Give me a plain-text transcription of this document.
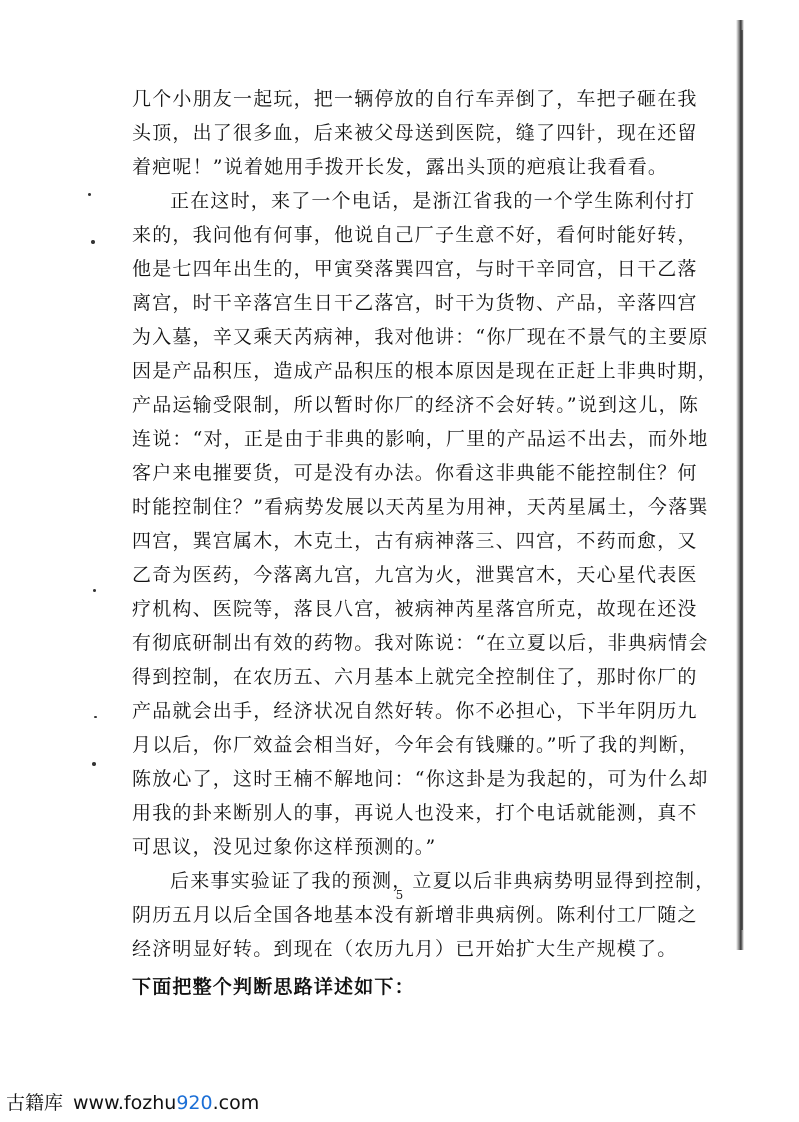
几个小朋友一起玩，把一辆停放的自行车弄倒了，车把子砸在我
头顶，出了很多血，后来被父母送到医院，缝了四针，现在还留
着疤呢！”说着她用手拨开长发，露出头顶的疤痕让我看看。
正在这时，来了一个电话，是浙江省我的一个学生陈利付打
来的，我问他有何事，他说自己厂子生意不好，看何时能好转，
他是七四年出生的，甲寅癸落巽四宫，与时干辛同宫，日干乙落
离宫，时干辛落宫生日干乙落宫，时干为货物、产品，辛落四宫
为入墓，辛又乘天芮病神，我对他讲：“你厂现在不景气的主要原
因是产品积压，造成产品积压的根本原因是现在正赶上非典时期，
产品运输受限制，所以暂时你厂的经济不会好转。”说到这儿，陈
连说：“对，正是由于非典的影响，厂里的产品运不出去，而外地
客户来电摧要货，可是没有办法。你看这非典能不能控制住？何
时能控制住？”看病势发展以天芮星为用神，天芮星属土，今落巽
四宫，巽宫属木，木克土，古有病神落三、四宫，不药而愈，又
乙奇为医药，今落离九宫，九宫为火，泄巽宫木，天心星代表医
疗机构、医院等，落艮八宫，被病神芮星落宫所克，故现在还没
有彻底研制出有效的药物。我对陈说：“在立夏以后，非典病情会
得到控制，在农历五、六月基本上就完全控制住了，那时你厂的
产品就会出手，经济状况自然好转。你不必担心，下半年阴历九
月以后，你厂效益会相当好，今年会有钱赚的。”听了我的判断，
陈放心了，这时王楠不解地问：“你这卦是为我起的，可为什么却
用我的卦来断别人的事，再说人也没来，打个电话就能测，真不
可思议，没见过象你这样预测的。”
后来事实验证了我的预测，立夏以后非典病势明显得到控制，
阴历五月以后全国各地基本没有新增非典病例。陈利付工厂随之
经济明显好转。到现在（农历九月）已开始扩大生产规模了。
下面把整个判断思路详述如下：
5
古籍库 www.fozhu920.com
